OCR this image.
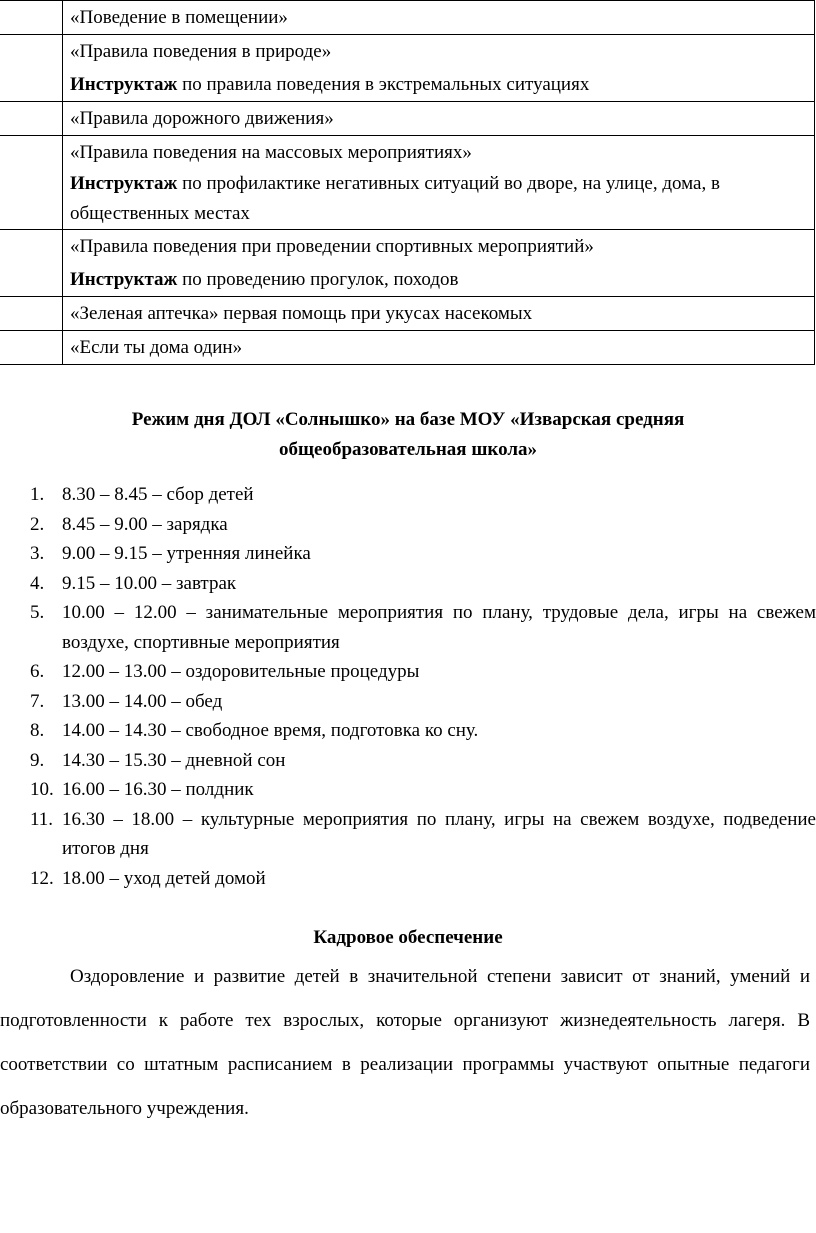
	«Поведение в помещении»

	«Правила поведения в природе»
Инструктаж по правила поведения в экстремальных ситуациях

	«Правила дорожного движения»

	«Правила поведения на массовых мероприятиях»
Инструктаж по профилактике негативных ситуаций во дворе, на улице, дома, в общественных местах

	«Правила поведения при проведении спортивных мероприятий»
Инструктаж по проведению прогулок, походов

	«Зеленая аптечка» первая помощь при укусах насекомых

	«Если ты дома один»
Режим дня ДОЛ «Солнышко» на базе МОУ «Изварская средняя
общеобразовательная школа»
1. 8.30 – 8.45 – сбор детей
2. 8.45 – 9.00 – зарядка
3. 9.00 – 9.15 – утренняя линейка
4. 9.15 – 10.00 – завтрак
5. 10.00 – 12.00 – занимательные мероприятия по плану, трудовые дела, игры на свежем воздухе, спортивные мероприятия
6. 12.00 – 13.00 – оздоровительные процедуры
7. 13.00 – 14.00 – обед
8. 14.00 – 14.30 – свободное время, подготовка ко сну.
9. 14.30 – 15.30 – дневной сон
10. 16.00 – 16.30 – полдник
11. 16.30 – 18.00 – культурные мероприятия по плану, игры на свежем воздухе, подведение итогов дня
12. 18.00 – уход детей домой
Кадровое обеспечение

Оздоровление и развитие детей в значительной степени зависит от знаний, умений и подготовленности к работе тех взрослых, которые организуют жизнедеятельность лагеря. В соответствии со штатным расписанием в реализации программы участвуют опытные педагоги образовательного учреждения.
